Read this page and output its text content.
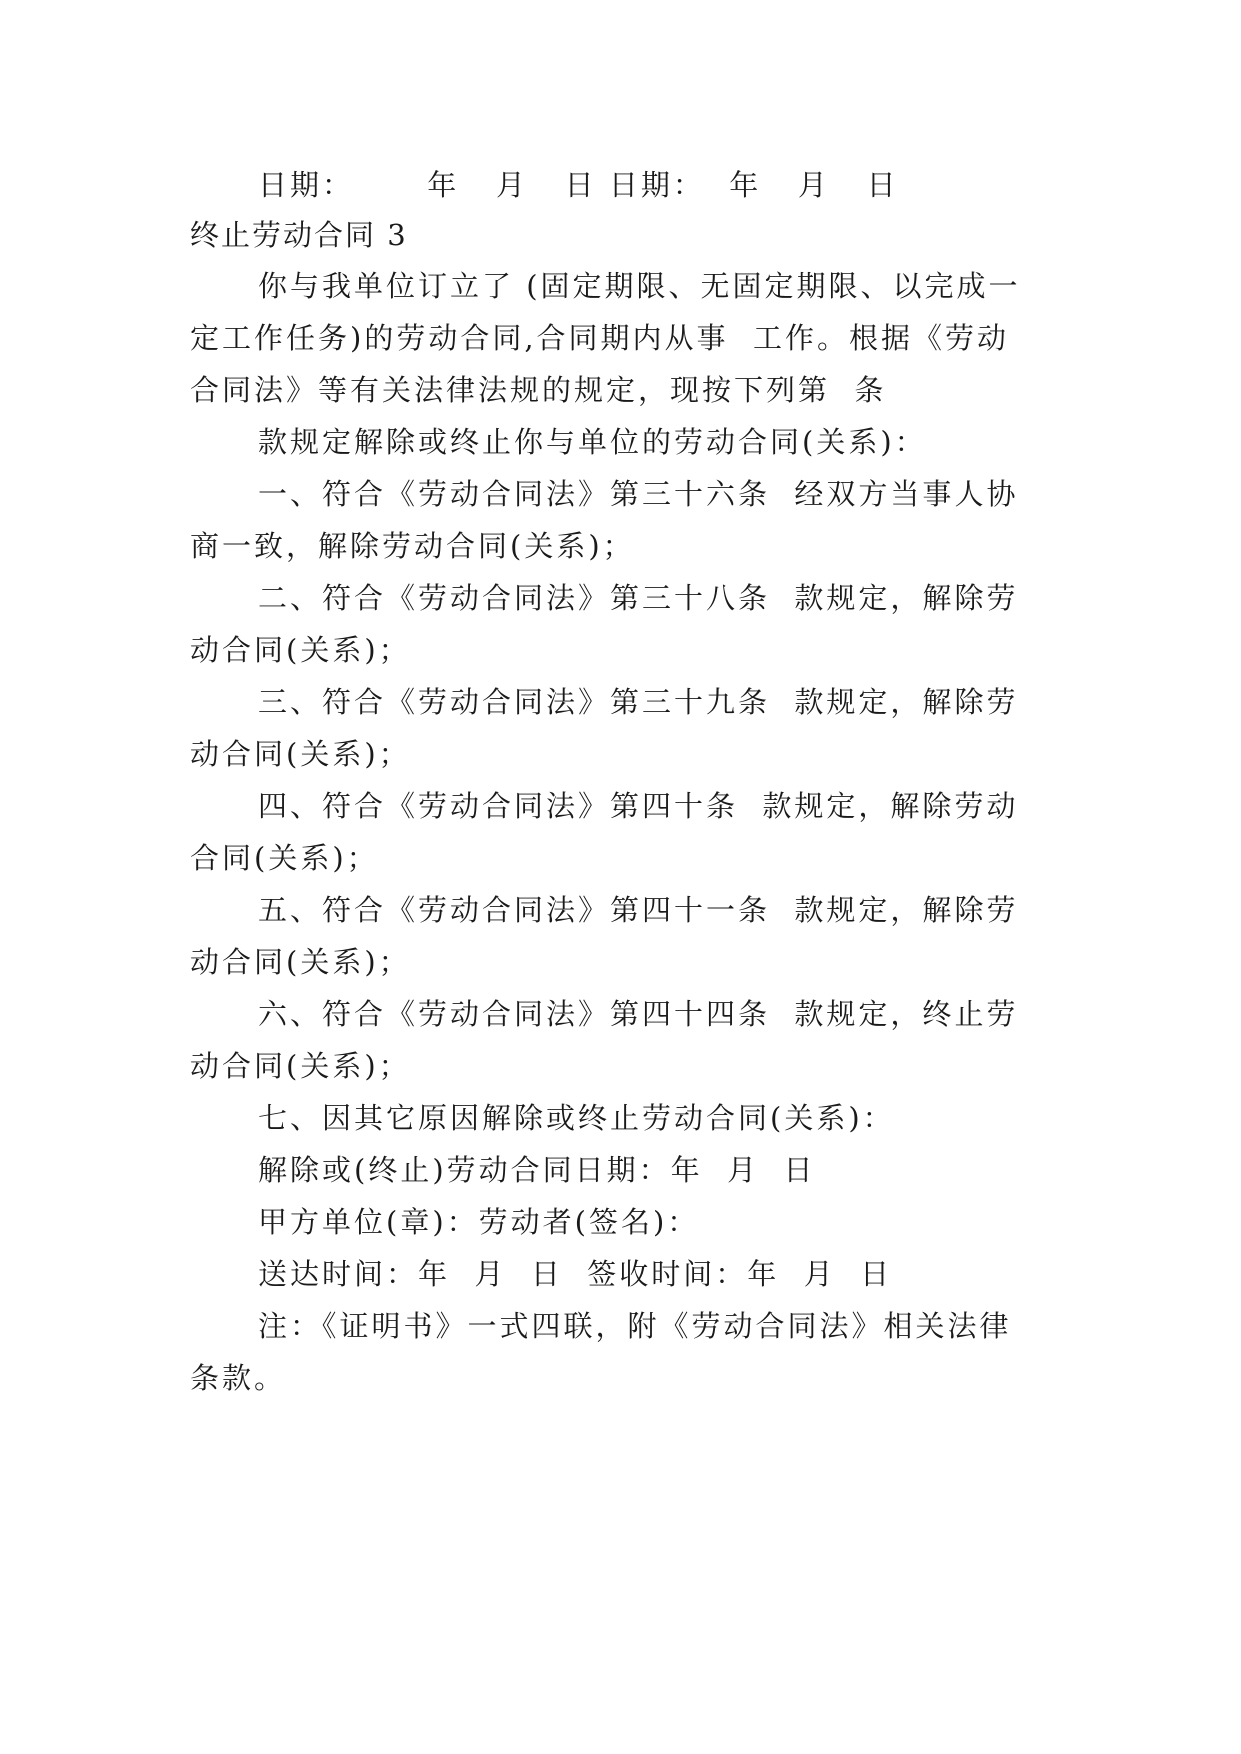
日期：      年   月   日 日期：  年   月   日
终止劳动合同 3
你与我单位订立了 (固定期限、无固定期限、以完成一
定工作任务)的劳动合同,合同期内从事  工作。根据《劳动
合同法》等有关法律法规的规定，现按下列第  条
款规定解除或终止你与单位的劳动合同(关系)：
一、符合《劳动合同法》第三十六条  经双方当事人协
商一致，解除劳动合同(关系)；
二、符合《劳动合同法》第三十八条  款规定，解除劳
动合同(关系)；
三、符合《劳动合同法》第三十九条  款规定，解除劳
动合同(关系)；
四、符合《劳动合同法》第四十条  款规定，解除劳动
合同(关系)；
五、符合《劳动合同法》第四十一条  款规定，解除劳
动合同(关系)；
六、符合《劳动合同法》第四十四条  款规定，终止劳
动合同(关系)；
七、因其它原因解除或终止劳动合同(关系)：
解除或(终止)劳动合同日期：年  月  日
甲方单位(章)：劳动者(签名)：
送达时间：年  月  日  签收时间：年  月  日
注：《证明书》一式四联，附《劳动合同法》相关法律
条款。
